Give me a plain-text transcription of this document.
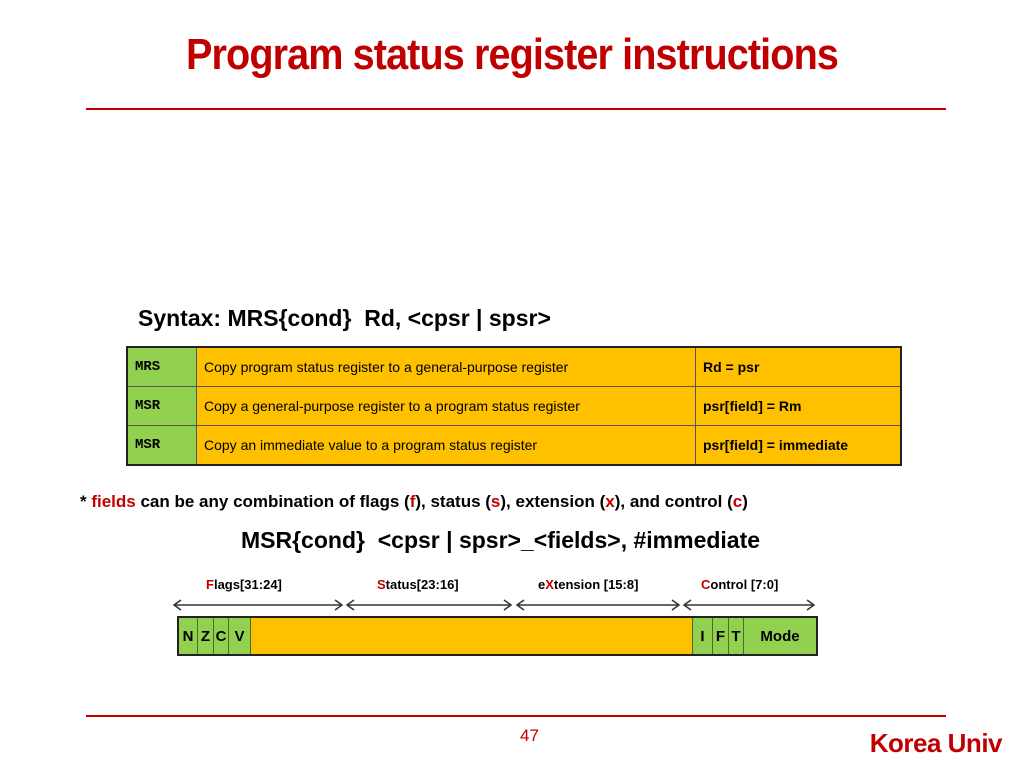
Program status register instructions

Syntax: MRS{cond}  Rd, <cpsr | spsr>

MSR{cond}  <cpsr | spsr>_<fields>, #immediate

MRS	Copy program status register to a general-purpose register	Rd = psr
MSR	Copy a general-purpose register to a program status register	psr[field] = Rm
MSR	Copy an immediate value to a program status register	psr[field] = immediate
* fields can be any combination of flags (f), status (s), extension (x), and control (c)
Flags[31:24]	Status[23:16]	eXtension [15:8]	Control [7:0]
N Z C V	I F T	Mode
47	Korea Univ
